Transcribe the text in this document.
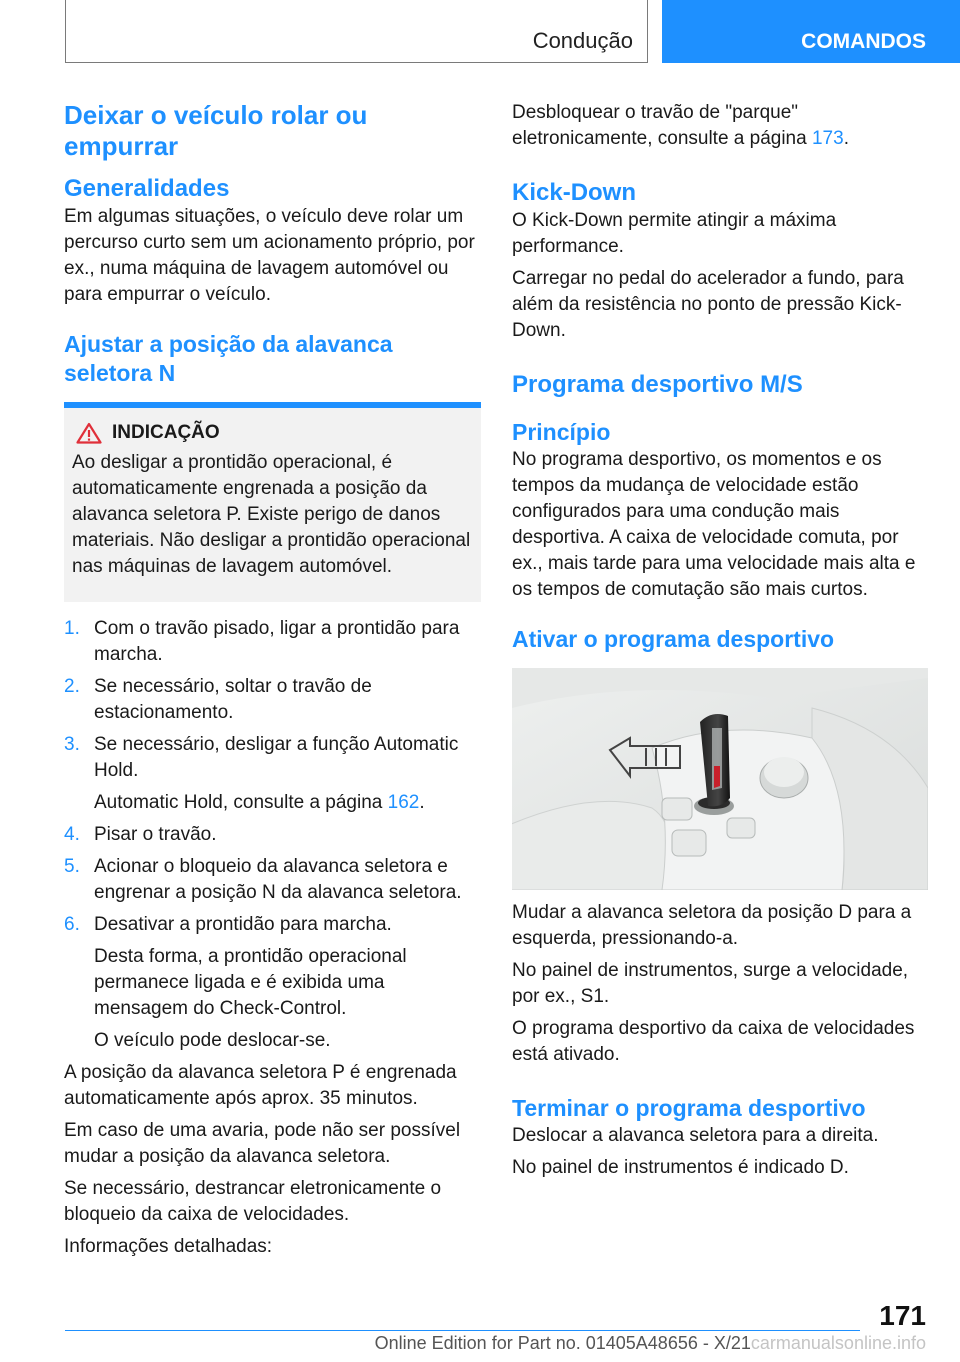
Condução	COMANDOS
Deixar o veículo rolar ou empurrar
Generalidades

Em algumas situações, o veículo deve rolar um percurso curto sem um acionamento próprio, por ex., numa máquina de lavagem automóvel ou para empurrar o veículo.

Ajustar a posição da alavanca seletora N
INDICAÇÃO

Ao desligar a prontidão operacional, é automaticamente engrenada a posição da alavanca seletora P. Existe perigo de danos materiais. Não desligar a prontidão operacional nas máquinas de lavagem automóvel.

1. Com o travão pisado, ligar a prontidão para marcha.
2. Se necessário, soltar o travão de estacionamento.
3. Se necessário, desligar a função Automatic Hold.

Automatic Hold, consulte a página 162.

4. Pisar o travão.
5. Acionar o bloqueio da alavanca seletora e engrenar a posição N da alavanca seletora.
6. Desativar a prontidão para marcha.

Desta forma, a prontidão operacional permanece ligada e é exibida uma mensagem do Check-Control.

O veículo pode deslocar-se.

A posição da alavanca seletora P é engrenada automaticamente após aprox. 35 minutos.

Em caso de uma avaria, pode não ser possível mudar a posição da alavanca seletora.

Se necessário, destrancar eletronicamente o bloqueio da caixa de velocidades.

Informações detalhadas:

Desbloquear o travão de "parque" eletronicamente, consulte a página 173.

Kick-Down

O Kick-Down permite atingir a máxima performance.

Carregar no pedal do acelerador a fundo, para além da resistência no ponto de pressão Kick-Down.

Programa desportivo M/S
Princípio

No programa desportivo, os momentos e os tempos da mudança de velocidade estão configurados para uma condução mais desportiva. A caixa de velocidade comuta, por ex., mais tarde para uma velocidade mais alta e os tempos de comutação são mais curtos.

Ativar o programa desportivo

Mudar a alavanca seletora da posição D para a esquerda, pressionando-a.

No painel de instrumentos, surge a velocidade, por ex., S1.

O programa desportivo da caixa de velocidades está ativado.

Terminar o programa desportivo

Deslocar a alavanca seletora para a direita.

No painel de instrumentos é indicado D.

171
Online Edition for Part no. 01405A48656 - X/21carmanualsonline.info
